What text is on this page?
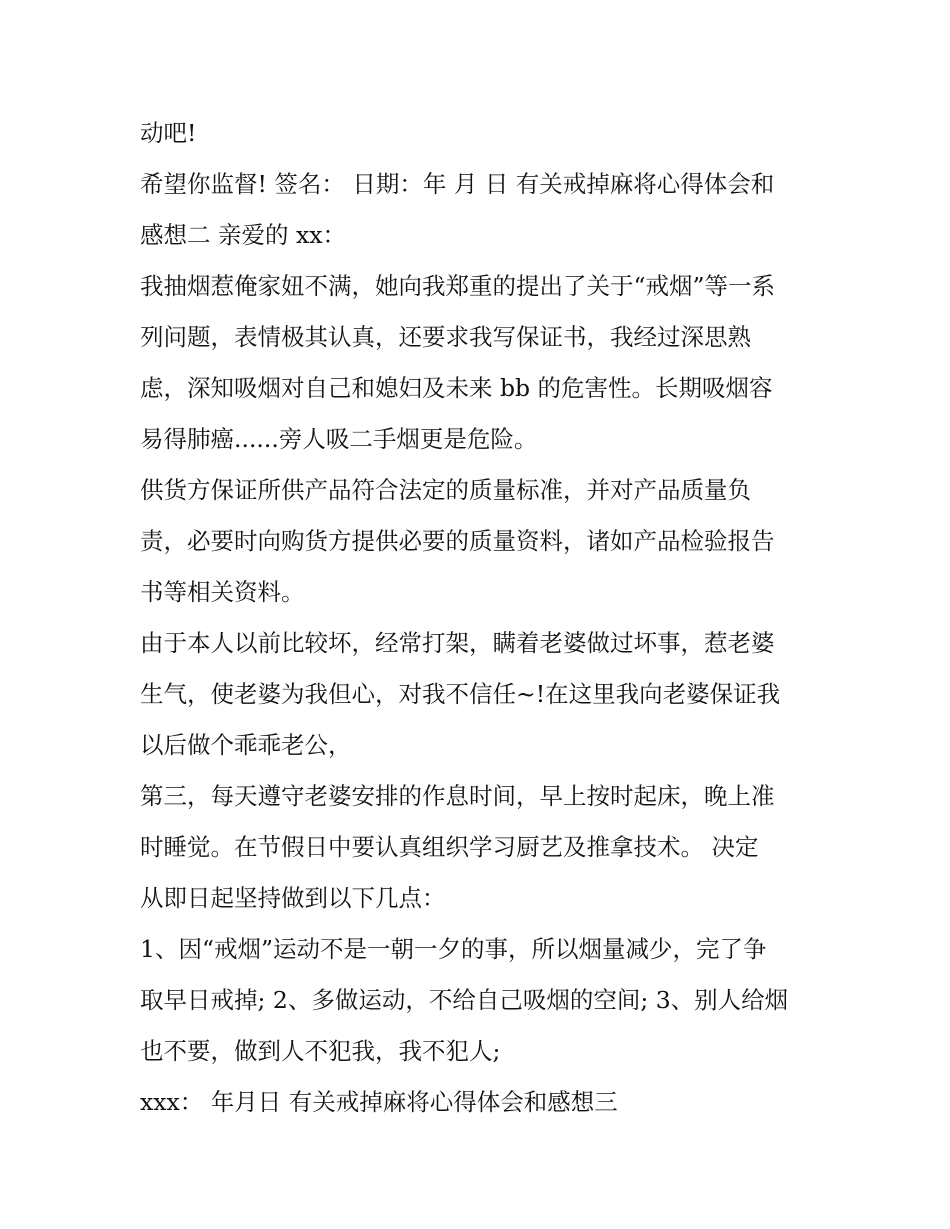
动吧!
希望你监督! 签名： 日期：年 月 日 有关戒掉麻将心得体会和
感想二 亲爱的 xx：
我抽烟惹俺家妞不满，她向我郑重的提出了关于“戒烟”等一系
列问题，表情极其认真，还要求我写保证书，我经过深思熟
虑，深知吸烟对自己和媳妇及未来 bb 的危害性。长期吸烟容
易得肺癌......旁人吸二手烟更是危险。
供货方保证所供产品符合法定的质量标准，并对产品质量负
责，必要时向购货方提供必要的质量资料，诸如产品检验报告
书等相关资料。
由于本人以前比较坏，经常打架，瞒着老婆做过坏事，惹老婆
生气，使老婆为我但心，对我不信任~!在这里我向老婆保证我
以后做个乖乖老公，
第三，每天遵守老婆安排的作息时间，早上按时起床，晚上准
时睡觉。在节假日中要认真组织学习厨艺及推拿技术。 决定
从即日起坚持做到以下几点：
1、因“戒烟”运动不是一朝一夕的事，所以烟量减少，完了争
取早日戒掉; 2、多做运动，不给自己吸烟的空间; 3、别人给烟
也不要，做到人不犯我，我不犯人;
xxx： 年月日 有关戒掉麻将心得体会和感想三
